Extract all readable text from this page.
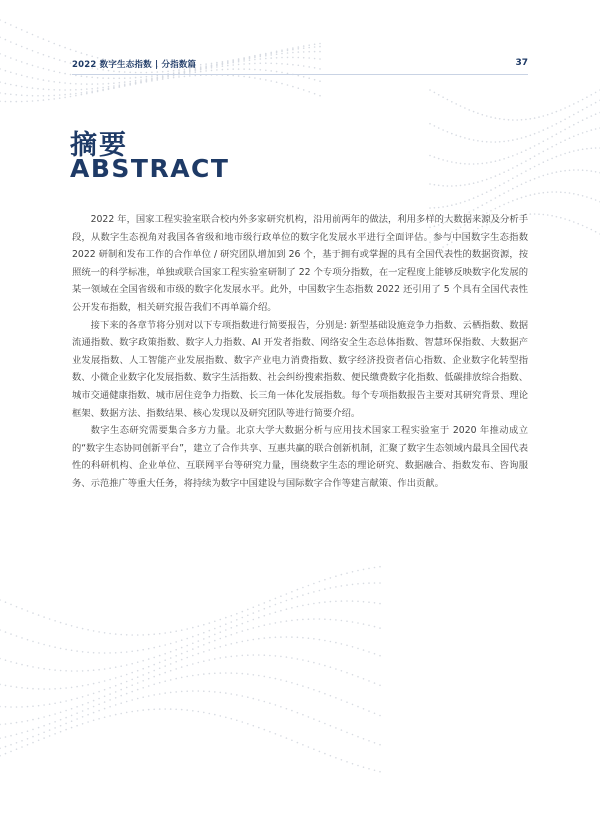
2022 数字生态指数 | 分指数篇	37
摘要
ABSTRACT

2022 年，国家工程实验室联合校内外多家研究机构，沿用前两年的做法，利用多样的大数据来源及分析手段，从数字生态视角对我国各省级和地市级行政单位的数字化发展水平进行全面评估。参与中国数字生态指数 2022 研制和发布工作的合作单位 / 研究团队增加到 26 个，基于拥有或掌握的具有全国代表性的数据资源，按照统一的科学标准，单独或联合国家工程实验室研制了 22 个专项分指数，在一定程度上能够反映数字化发展的某一领域在全国省级和市级的数字化发展水平。此外，中国数字生态指数 2022 还引用了 5 个具有全国代表性公开发布指数，相关研究报告我们不再单篇介绍。

接下来的各章节将分别对以下专项指数进行简要报告，分别是: 新型基础设施竞争力指数、云栖指数、数据流通指数、数字政策指数、数字人力指数、AI 开发者指数、网络安全生态总体指数、智慧环保指数、大数据产业发展指数、人工智能产业发展指数、数字产业电力消费指数、数字经济投资者信心指数、企业数字化转型指数、小微企业数字化发展指数、数字生活指数、社会纠纷搜索指数、便民缴费数字化指数、低碳排放综合指数、城市交通健康指数、城市居住竞争力指数、长三角一体化发展指数。每个专项指数报告主要对其研究背景、理论框架、数据方法、指数结果、核心发现以及研究团队等进行简要介绍。

数字生态研究需要集合多方力量。北京大学大数据分析与应用技术国家工程实验室于 2020 年推动成立的“数字生态协同创新平台”，建立了合作共享、互惠共赢的联合创新机制，汇聚了数字生态领域内最具全国代表性的科研机构、企业单位、互联网平台等研究力量，围绕数字生态的理论研究、数据融合、指数发布、咨询服务、示范推广等重大任务，将持续为数字中国建设与国际数字合作等建言献策、作出贡献。
